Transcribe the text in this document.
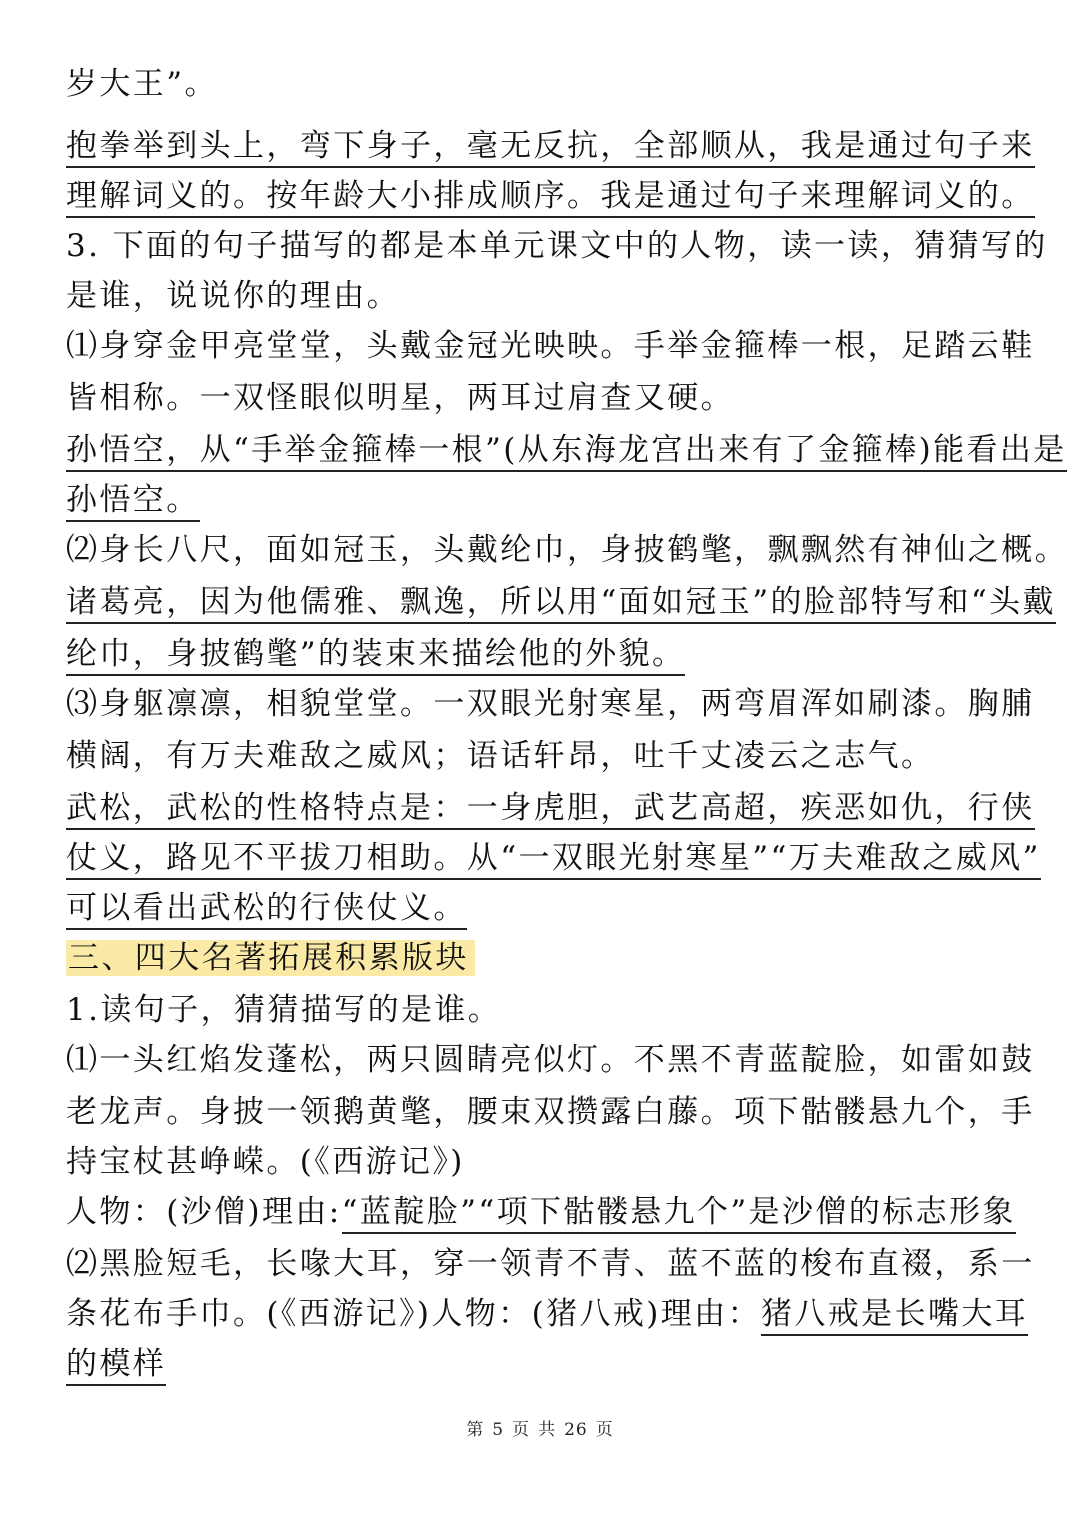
岁大王”。
抱拳举到头上，弯下身子，毫无反抗，全部顺从，我是通过句子来
理解词义的。按年龄大小排成顺序。我是通过句子来理解词义的。
3. 下面的句子描写的都是本单元课文中的人物，读一读，猜猜写的
是谁，说说你的理由。
⑴身穿金甲亮堂堂，头戴金冠光映映。手举金箍棒一根，足踏云鞋
皆相称。一双怪眼似明星，两耳过肩查又硬。
孙悟空，从“手举金箍棒一根”(从东海龙宫出来有了金箍棒)能看出是
孙悟空。
⑵身长八尺，面如冠玉，头戴纶巾，身披鹤氅，飘飘然有神仙之概。
诸葛亮，因为他儒雅、飘逸，所以用“面如冠玉”的脸部特写和“头戴
纶巾，身披鹤氅”的装束来描绘他的外貌。
⑶身躯凛凛，相貌堂堂。一双眼光射寒星，两弯眉浑如刷漆。胸脯
横阔，有万夫难敌之威风；语话轩昂，吐千丈凌云之志气。
武松，武松的性格特点是：一身虎胆，武艺高超，疾恶如仇，行侠
仗义，路见不平拔刀相助。从“一双眼光射寒星”“万夫难敌之威风”
可以看出武松的行侠仗义。
三、四大名著拓展积累版块
1.读句子，猜猜描写的是谁。
⑴一头红焰发蓬松，两只圆睛亮似灯。不黑不青蓝靛脸，如雷如鼓
老龙声。身披一领鹅黄氅，腰束双攒露白藤。项下骷髅悬九个，手
持宝杖甚峥嵘。(《西游记》)
人物：(沙僧)理由:“蓝靛脸”“项下骷髅悬九个”是沙僧的标志形象
⑵黑脸短毛，长喙大耳，穿一领青不青、蓝不蓝的梭布直裰，系一
条花布手巾。(《西游记》)人物：(猪八戒)理由：猪八戒是长嘴大耳
的模样
第 5 页 共 26 页
